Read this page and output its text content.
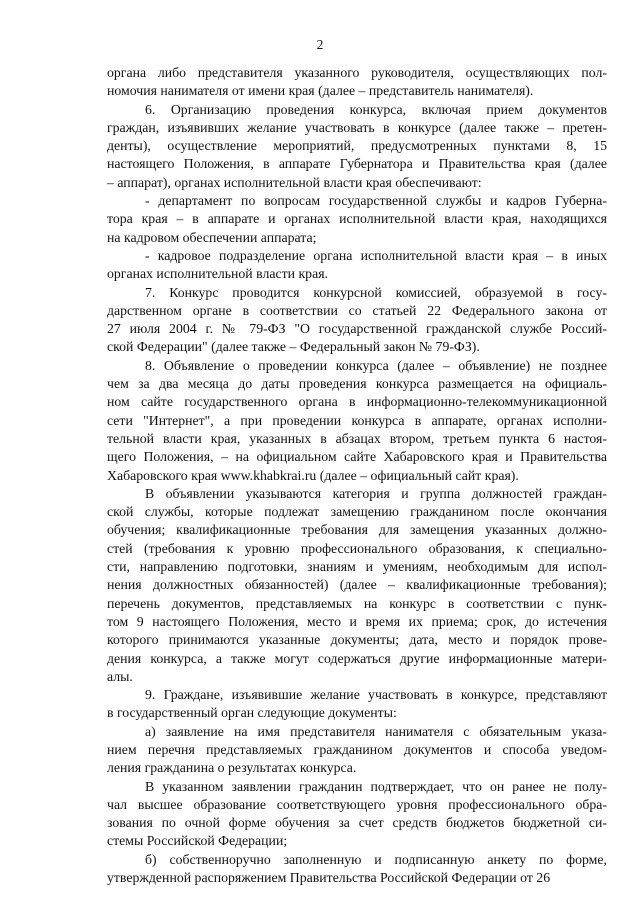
2
органа либо представителя указанного руководителя, осуществляющих пол-
номочия нанимателя от имени края (далее – представитель нанимателя).
6. Организацию проведения конкурса, включая прием документов
граждан, изъявивших желание участвовать в конкурсе (далее также – претен-
денты), осуществление мероприятий, предусмотренных пунктами 8, 15
настоящего Положения, в аппарате Губернатора и Правительства края (далее
– аппарат), органах исполнительной власти края обеспечивают:
- департамент по вопросам государственной службы и кадров Губерна-
тора края – в аппарате и органах исполнительной власти края, находящихся
на кадровом обеспечении аппарата;
- кадровое подразделение органа исполнительной власти края – в иных
органах исполнительной власти края.
7. Конкурс проводится конкурсной комиссией, образуемой в госу-
дарственном органе в соответствии со статьей 22 Федерального закона от
27 июля 2004 г. № 79-ФЗ "О государственной гражданской службе Россий-
ской Федерации" (далее также – Федеральный закон № 79-ФЗ).
8. Объявление о проведении конкурса (далее – объявление) не позднее
чем за два месяца до даты проведения конкурса размещается на официаль-
ном сайте государственного органа в информационно-телекоммуникационной
сети "Интернет", а при проведении конкурса в аппарате, органах исполни-
тельной власти края, указанных в абзацах втором, третьем пункта 6 настоя-
щего Положения, – на официальном сайте Хабаровского края и Правительства
Хабаровского края www.khabkrai.ru (далее – официальный сайт края).
В объявлении указываются категория и группа должностей граждан-
ской службы, которые подлежат замещению гражданином после окончания
обучения; квалификационные требования для замещения указанных должно-
стей (требования к уровню профессионального образования, к специально-
сти, направлению подготовки, знаниям и умениям, необходимым для испол-
нения должностных обязанностей) (далее – квалификационные требования);
перечень документов, представляемых на конкурс в соответствии с пунк-
том 9 настоящего Положения, место и время их приема; срок, до истечения
которого принимаются указанные документы; дата, место и порядок прове-
дения конкурса, а также могут содержаться другие информационные матери-
алы.
9. Граждане, изъявившие желание участвовать в конкурсе, представляют
в государственный орган следующие документы:
а) заявление на имя представителя нанимателя с обязательным указа-
нием перечня представляемых гражданином документов и способа уведом-
ления гражданина о результатах конкурса.
В указанном заявлении гражданин подтверждает, что он ранее не полу-
чал высшее образование соответствующего уровня профессионального обра-
зования по очной форме обучения за счет средств бюджетов бюджетной си-
стемы Российской Федерации;
б) собственноручно заполненную и подписанную анкету по форме,
утвержденной распоряжением Правительства Российской Федерации от 26
